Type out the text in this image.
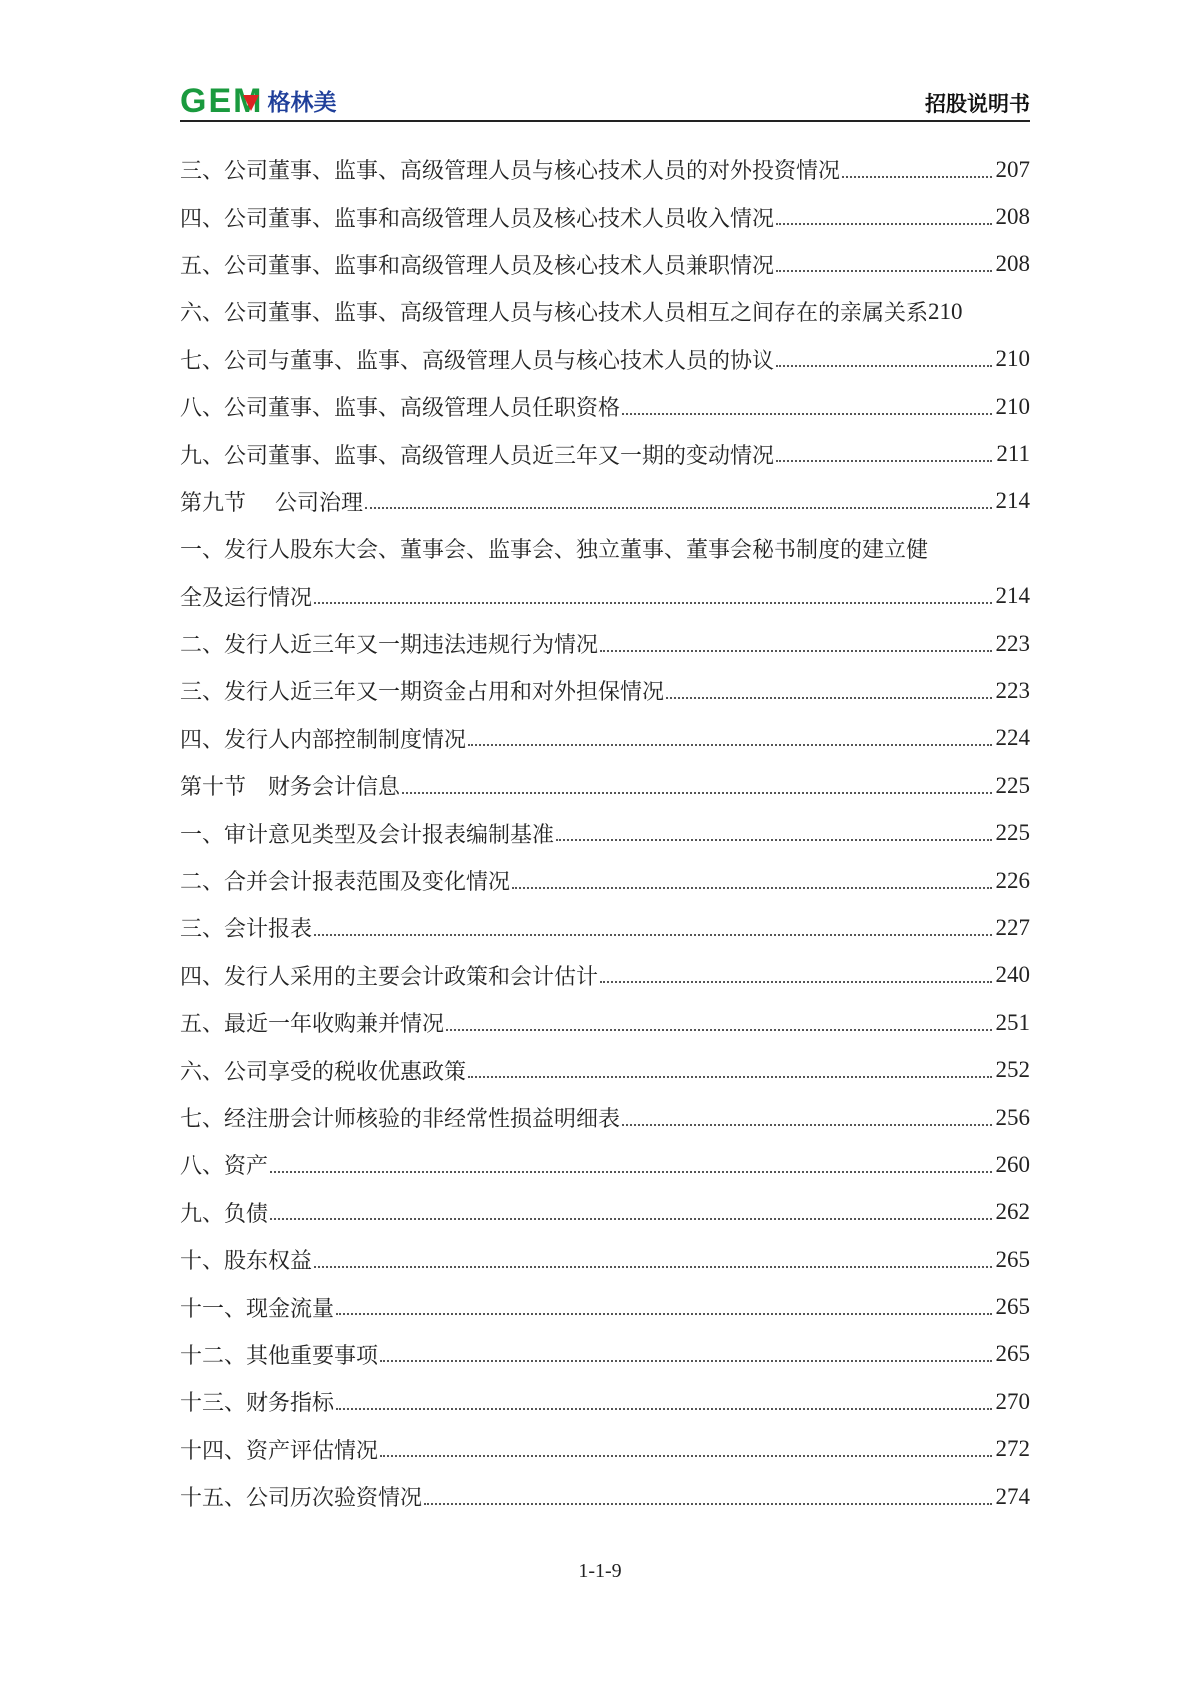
GEM 格林美	招股说明书
三、公司董事、监事、高级管理人员与核心技术人员的对外投资情况	207
四、公司董事、监事和高级管理人员及核心技术人员收入情况	208
五、公司董事、监事和高级管理人员及核心技术人员兼职情况	208
六、公司董事、监事、高级管理人员与核心技术人员相互之间存在的亲属关系 210
七、公司与董事、监事、高级管理人员与核心技术人员的协议	210
八、公司董事、监事、高级管理人员任职资格	210
九、公司董事、监事、高级管理人员近三年又一期的变动情况	211
第九节　 公司治理	214
一、发行人股东大会、董事会、监事会、独立董事、董事会秘书制度的建立健
全及运行情况	214
二、发行人近三年又一期违法违规行为情况	223
三、发行人近三年又一期资金占用和对外担保情况	223
四、发行人内部控制制度情况	224
第十节　财务会计信息	225
一、审计意见类型及会计报表编制基准	225
二、合并会计报表范围及变化情况	226
三、会计报表	227
四、发行人采用的主要会计政策和会计估计	240
五、最近一年收购兼并情况	251
六、公司享受的税收优惠政策	252
七、经注册会计师核验的非经常性损益明细表	256
八、资产	260
九、负债	262
十、股东权益	265
十一、现金流量	265
十二、其他重要事项	265
十三、财务指标	270
十四、资产评估情况	272
十五、公司历次验资情况	274
1-1-9
